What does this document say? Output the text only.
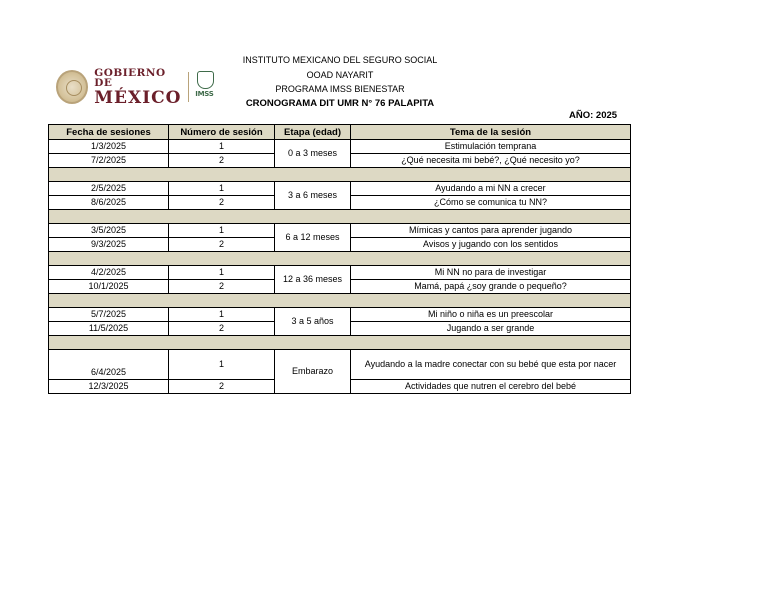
GOBIERNO DE
MÉXICO IMSS
INSTITUTO MEXICANO DEL SEGURO SOCIAL
OOAD NAYARIT
PROGRAMA IMSS BIENESTAR
CRONOGRAMA DIT UMR N° 76 PALAPITA
AÑO: 2025
Fecha de sesiones	Número de sesión	Etapa (edad)	Tema de la sesión
1/3/2025	1	0 a 3 meses	Estimulación temprana
7/2/2025	2		¿Qué necesita mi bebé?, ¿Qué necesito yo?

2/5/2025	1	3 a 6 meses	Ayudando a mi NN a crecer
8/6/2025	2		¿Cómo se comunica tu NN?

3/5/2025	1	6 a 12 meses	Mímicas y cantos para aprender jugando
9/3/2025	2		Avisos y jugando con los sentidos

4/2/2025	1	12 a 36 meses	Mi NN no para de investigar
10/1/2025	2		Mamá, papá ¿soy grande o pequeño?

5/7/2025	1	3 a 5 años	Mi niño o niña es un preescolar
11/5/2025	2		Jugando a ser grande

6/4/2025	1	Embarazo	Ayudando a la madre conectar con su bebé que esta por nacer
12/3/2025	2		Actividades que nutren el cerebro del bebé
